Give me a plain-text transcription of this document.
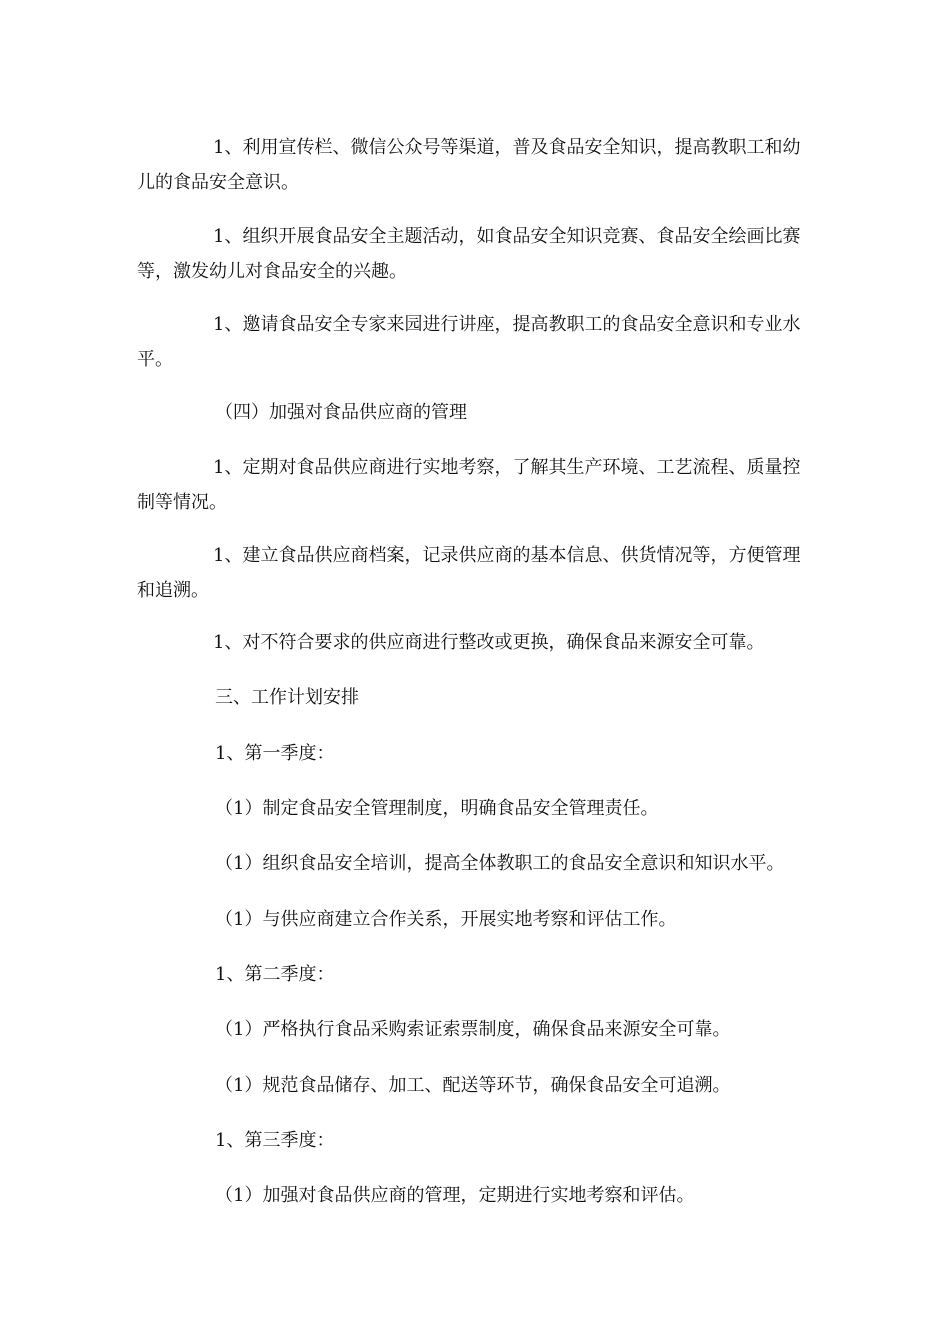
1、利用宣传栏、微信公众号等渠道，普及食品安全知识，提高教职工和幼儿的食品安全意识。

1、组织开展食品安全主题活动，如食品安全知识竞赛、食品安全绘画比赛等，激发幼儿对食品安全的兴趣。

1、邀请食品安全专家来园进行讲座，提高教职工的食品安全意识和专业水平。

（四）加强对食品供应商的管理

1、定期对食品供应商进行实地考察，了解其生产环境、工艺流程、质量控制等情况。

1、建立食品供应商档案，记录供应商的基本信息、供货情况等，方便管理和追溯。

1、对不符合要求的供应商进行整改或更换，确保食品来源安全可靠。

三、工作计划安排

1、第一季度：

（1）制定食品安全管理制度，明确食品安全管理责任。

（1）组织食品安全培训，提高全体教职工的食品安全意识和知识水平。

（1）与供应商建立合作关系，开展实地考察和评估工作。

1、第二季度：

（1）严格执行食品采购索证索票制度，确保食品来源安全可靠。

（1）规范食品储存、加工、配送等环节，确保食品安全可追溯。

1、第三季度：

（1）加强对食品供应商的管理，定期进行实地考察和评估。
